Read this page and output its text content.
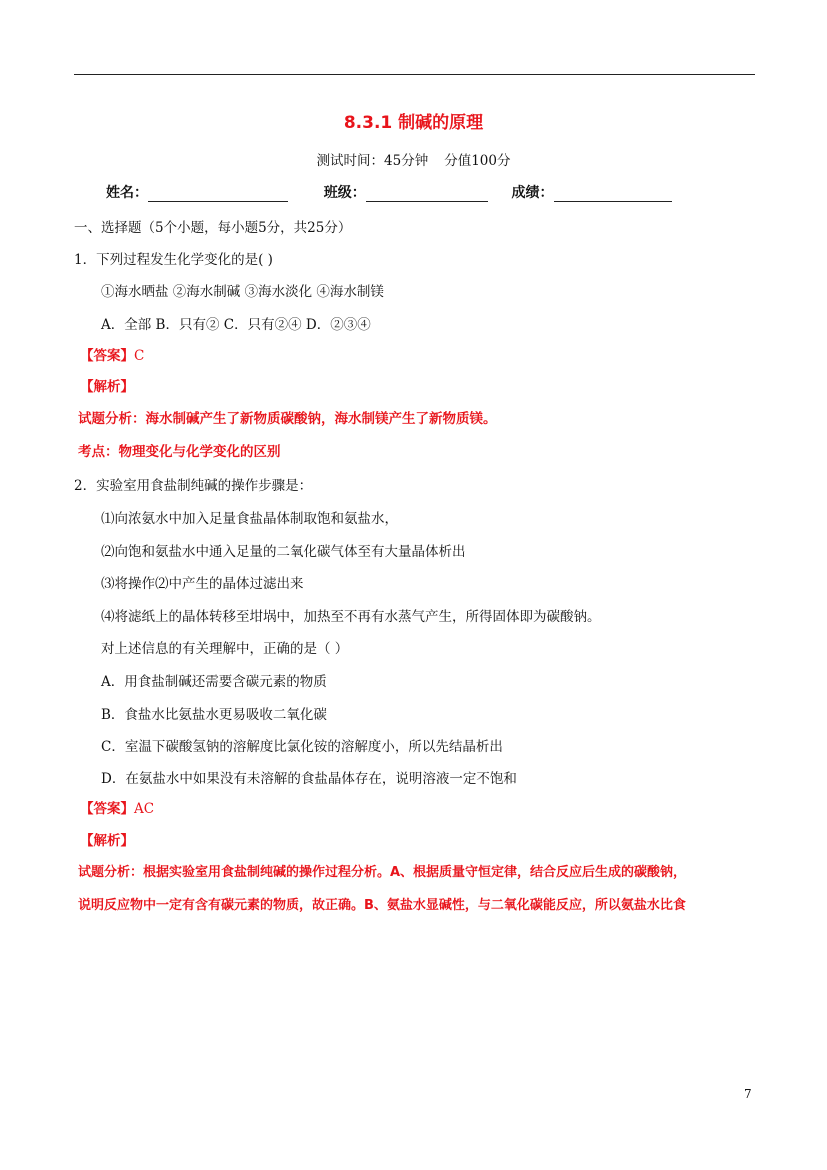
8.3.1 制碱的原理
测试时间：45分钟 分值100分
姓名：	班级：	成绩：
一、选择题（5个小题，每小题5分，共25分）
1．下列过程发生化学变化的是( )
①海水晒盐 ②海水制碱 ③海水淡化 ④海水制镁
A．全部 B．只有② C．只有②④ D．②③④
【答案】C
【解析】
试题分析：海水制碱产生了新物质碳酸钠，海水制镁产生了新物质镁。
考点：物理变化与化学变化的区别
2．实验室用食盐制纯碱的操作步骤是：
⑴向浓氨水中加入足量食盐晶体制取饱和氨盐水，
⑵向饱和氨盐水中通入足量的二氧化碳气体至有大量晶体析出
⑶将操作⑵中产生的晶体过滤出来
⑷将滤纸上的晶体转移至坩埚中，加热至不再有水蒸气产生，所得固体即为碳酸钠。
对上述信息的有关理解中，正确的是（ ）
A．用食盐制碱还需要含碳元素的物质
B．食盐水比氨盐水更易吸收二氧化碳
C．室温下碳酸氢钠的溶解度比氯化铵的溶解度小，所以先结晶析出
D．在氨盐水中如果没有未溶解的食盐晶体存在，说明溶液一定不饱和
【答案】AC
【解析】
试题分析：根据实验室用食盐制纯碱的操作过程分析。A、根据质量守恒定律，结合反应后生成的碳酸钠，
说明反应物中一定有含有碳元素的物质，故正确。B、氨盐水显碱性，与二氧化碳能反应，所以氨盐水比食
7
